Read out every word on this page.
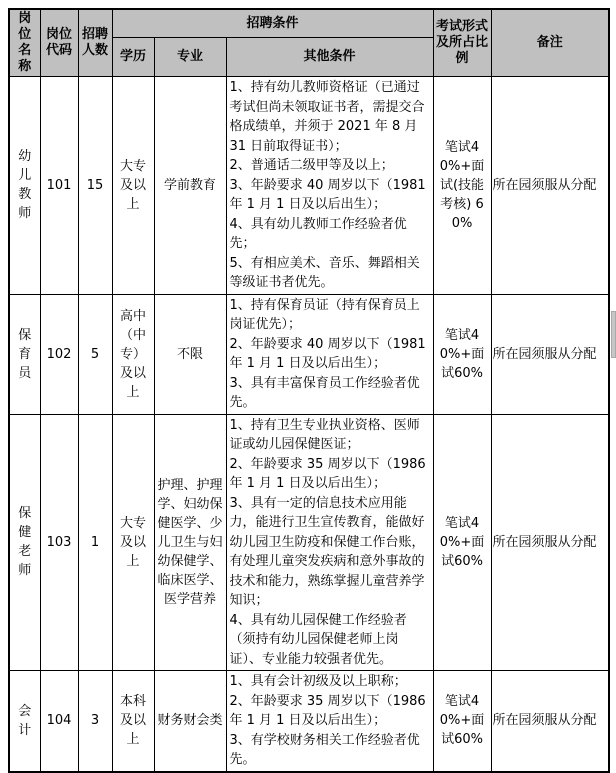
岗位名称	岗位代码	招聘人数	招聘条件			考试形式及所占比例	备注
			学历	专业	其他条件		
幼儿教师	101	15	大专及以上	学前教育	1、持有幼儿教师资格证（已通过考试但尚未领取证书者，需提交合格成绩单，并须于 2021 年 8 月 31 日前取得证书）；
2、普通话二级甲等及以上；
3、年龄要求 40 周岁以下（1981 年 1 月 1 日及以后出生）；
4、具有幼儿教师工作经验者优先；
5、有相应美术、音乐、舞蹈相关等级证书者优先。	笔试40%+面试(技能考核) 60%	所在园须服从分配
保育员	102	5	高中（中专）及以上	不限	1、持有保育员证（持有保育员上岗证优先）；
2、年龄要求 40 周岁以下（1981 年 1 月 1 日及以后出生）；
3、具有丰富保育员工作经验者优先。	笔试40%+面试60%	所在园须服从分配
保健老师	103	1	大专及以上	护理、护理学、妇幼保健医学、少儿卫生与妇幼保健学、临床医学、医学营养	1、持有卫生专业执业资格、医师证或幼儿园保健医证；
2、年龄要求 35 周岁以下（1986 年 1 月 1 日及以后出生）；
3、具有一定的信息技术应用能力，能进行卫生宣传教育，能做好幼儿园卫生防疫和保健工作台账，有处理儿童突发疾病和意外事故的技术和能力，熟练掌握儿童营养学知识；
4、具有幼儿园保健工作经验者（须持有幼儿园保健老师上岗证）、专业能力较强者优先。	笔试40%+面试60%	所在园须服从分配
会计	104	3	本科及以上	财务财会类	1、具有会计初级及以上职称；
2、年龄要求 35 周岁以下（1986 年 1 月 1 日及以后出生）；
3、有学校财务相关工作经验者优先。	笔试40%+面试60%	所在园须服从分配
